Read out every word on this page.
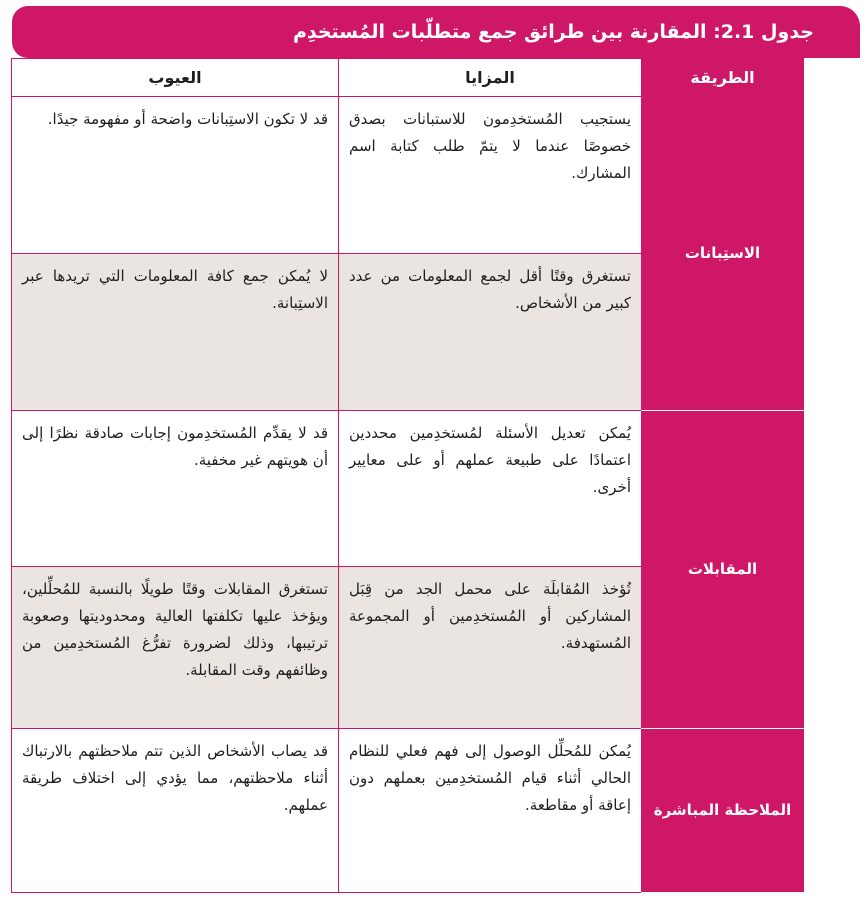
جدول 2.1: المقارنة بين طرائق جمع متطلّبات المُستخدِم
الطريقة	المزايا	العيوب
الاستِبانات	يستجيب المُستخدِمون للاستبانات بصدق خصوصًا عندما لا يتمّ طلب كتابة اسم المشارك.	قد لا تكون الاستِبانات واضحة أو مفهومة جيدًا.
	تستغرق وقتًا أقل لجمع المعلومات من عدد كبير من الأشخاص.	لا يُمكن جمع كافة المعلومات التي تريدها عبر الاستِبانة.
المقابلات	يُمكن تعديل الأسئلة لمُستخدِمين محددين اعتمادًا على طبيعة عملهم أو على معايير أخرى.	قد لا يقدِّم المُستخدِمون إجابات صادقة نظرًا إلى أن هويتهم غير مخفية.
	تُؤخذ المُقابلَة على محمل الجد من قِبَل المشاركين أو المُستخدِمين أو المجموعة المُستهدفة.	تستغرق المقابلات وقتًا طويلًا بالنسبة للمُحلِّلين، ويؤخذ عليها تكلفتها العالية ومحدوديتها وصعوبة ترتيبها، وذلك لضرورة تفرُّغ المُستخدِمين من وظائفهم وقت المقابلة.
الملاحظة المباشرة	يُمكن للمُحلِّل الوصول إلى فهم فعلي للنظام الحالي أثناء قيام المُستخدِمين بعملهم دون إعاقة أو مقاطعة.	قد يصاب الأشخاص الذين تتم ملاحظتهم بالارتباك أثناء ملاحظتهم، مما يؤدي إلى اختلاف طريقة عملهم.
